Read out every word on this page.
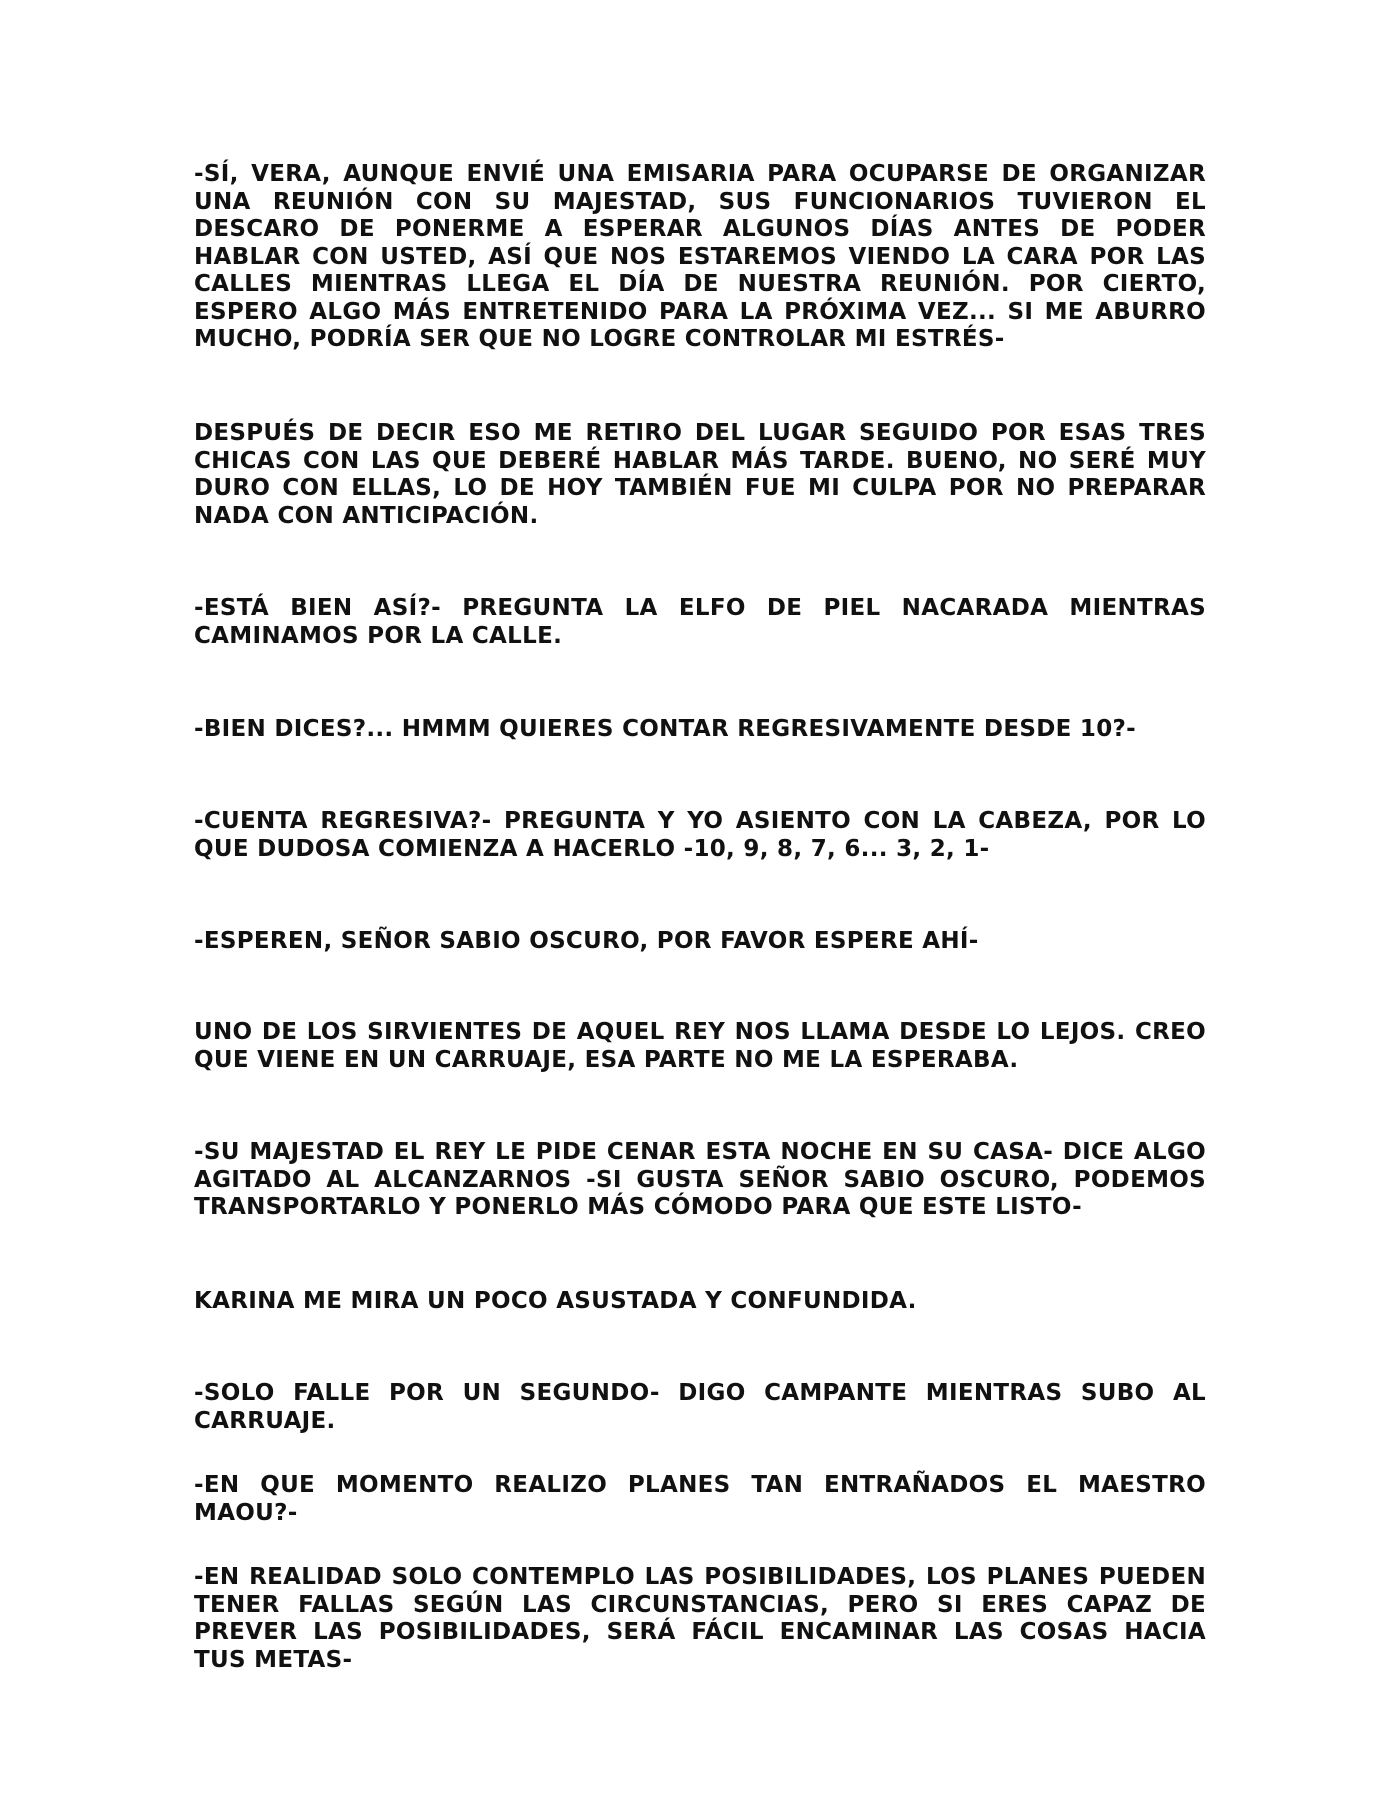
-SÍ, VERA, AUNQUE ENVIÉ UNA EMISARIA PARA OCUPARSE DE ORGANIZAR UNA REUNIÓN CON SU MAJESTAD, SUS FUNCIONARIOS TUVIERON EL DESCARO DE PONERME A ESPERAR ALGUNOS DÍAS ANTES DE PODER HABLAR CON USTED, ASÍ QUE NOS ESTAREMOS VIENDO LA CARA POR LAS CALLES MIENTRAS LLEGA EL DÍA DE NUESTRA REUNIÓN. POR CIERTO, ESPERO ALGO MÁS ENTRETENIDO PARA LA PRÓXIMA VEZ... SI ME ABURRO MUCHO, PODRÍA SER QUE NO LOGRE CONTROLAR MI ESTRÉS-

DESPUÉS DE DECIR ESO ME RETIRO DEL LUGAR SEGUIDO POR ESAS TRES CHICAS CON LAS QUE DEBERÉ HABLAR MÁS TARDE. BUENO, NO SERÉ MUY DURO CON ELLAS, LO DE HOY TAMBIÉN FUE MI CULPA POR NO PREPARAR NADA CON ANTICIPACIÓN.

-ESTÁ BIEN ASÍ?- PREGUNTA LA ELFO DE PIEL NACARADA MIENTRAS CAMINAMOS POR LA CALLE.

-BIEN DICES?... HMMM QUIERES CONTAR REGRESIVAMENTE DESDE 10?-

-CUENTA REGRESIVA?- PREGUNTA Y YO ASIENTO CON LA CABEZA, POR LO QUE DUDOSA COMIENZA A HACERLO -10, 9, 8, 7, 6... 3, 2, 1-

-ESPEREN, SEÑOR SABIO OSCURO, POR FAVOR ESPERE AHÍ-

UNO DE LOS SIRVIENTES DE AQUEL REY NOS LLAMA DESDE LO LEJOS. CREO QUE VIENE EN UN CARRUAJE, ESA PARTE NO ME LA ESPERABA.

-SU MAJESTAD EL REY LE PIDE CENAR ESTA NOCHE EN SU CASA- DICE ALGO AGITADO AL ALCANZARNOS -SI GUSTA SEÑOR SABIO OSCURO, PODEMOS TRANSPORTARLO Y PONERLO MÁS CÓMODO PARA QUE ESTE LISTO-

KARINA ME MIRA UN POCO ASUSTADA Y CONFUNDIDA.

-SOLO FALLE POR UN SEGUNDO- DIGO CAMPANTE MIENTRAS SUBO AL CARRUAJE.

-EN QUE MOMENTO REALIZO PLANES TAN ENTRAÑADOS EL MAESTRO MAOU?-

-EN REALIDAD SOLO CONTEMPLO LAS POSIBILIDADES, LOS PLANES PUEDEN TENER FALLAS SEGÚN LAS CIRCUNSTANCIAS, PERO SI ERES CAPAZ DE PREVER LAS POSIBILIDADES, SERÁ FÁCIL ENCAMINAR LAS COSAS HACIA TUS METAS-
